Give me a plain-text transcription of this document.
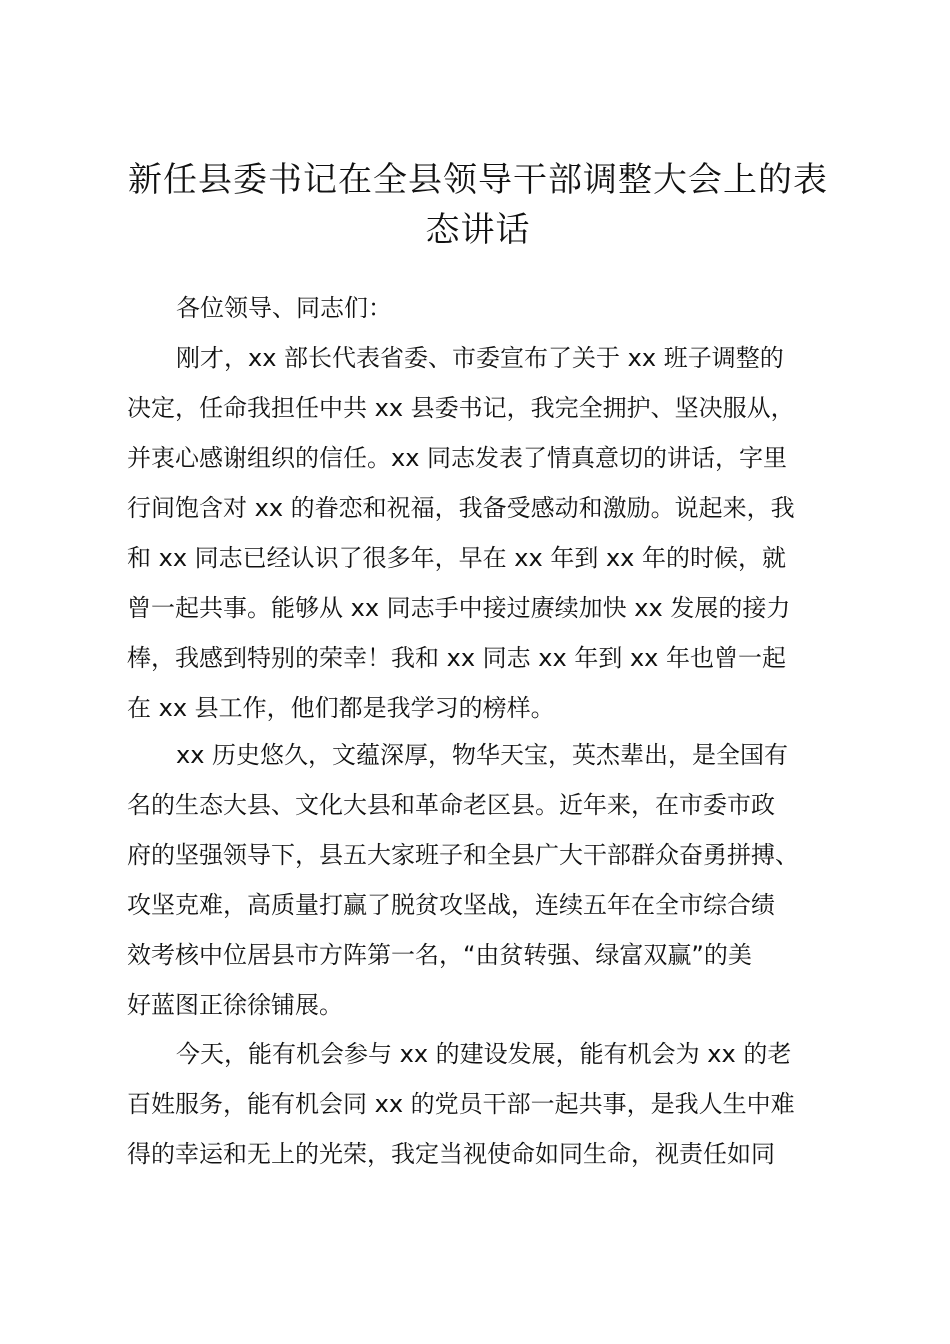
新任县委书记在全县领导干部调整大会上的表
态讲话

各位领导、同志们：

刚才，xx 部长代表省委、市委宣布了关于 xx 班子调整的
决定，任命我担任中共 xx 县委书记，我完全拥护、坚决服从，
并衷心感谢组织的信任。xx 同志发表了情真意切的讲话，字里
行间饱含对 xx 的眷恋和祝福，我备受感动和激励。说起来，我
和 xx 同志已经认识了很多年，早在 xx 年到 xx 年的时候，就
曾一起共事。能够从 xx 同志手中接过赓续加快 xx 发展的接力
棒，我感到特别的荣幸！我和 xx 同志 xx 年到 xx 年也曾一起
在 xx 县工作，他们都是我学习的榜样。
xx 历史悠久，文蕴深厚，物华天宝，英杰辈出，是全国有
名的生态大县、文化大县和革命老区县。近年来，在市委市政
府的坚强领导下，县五大家班子和全县广大干部群众奋勇拼搏、
攻坚克难，高质量打赢了脱贫攻坚战，连续五年在全市综合绩
效考核中位居县市方阵第一名，“由贫转强、绿富双赢”的美
好蓝图正徐徐铺展。
今天，能有机会参与 xx 的建设发展，能有机会为 xx 的老
百姓服务，能有机会同 xx 的党员干部一起共事，是我人生中难
得的幸运和无上的光荣，我定当视使命如同生命，视责任如同
